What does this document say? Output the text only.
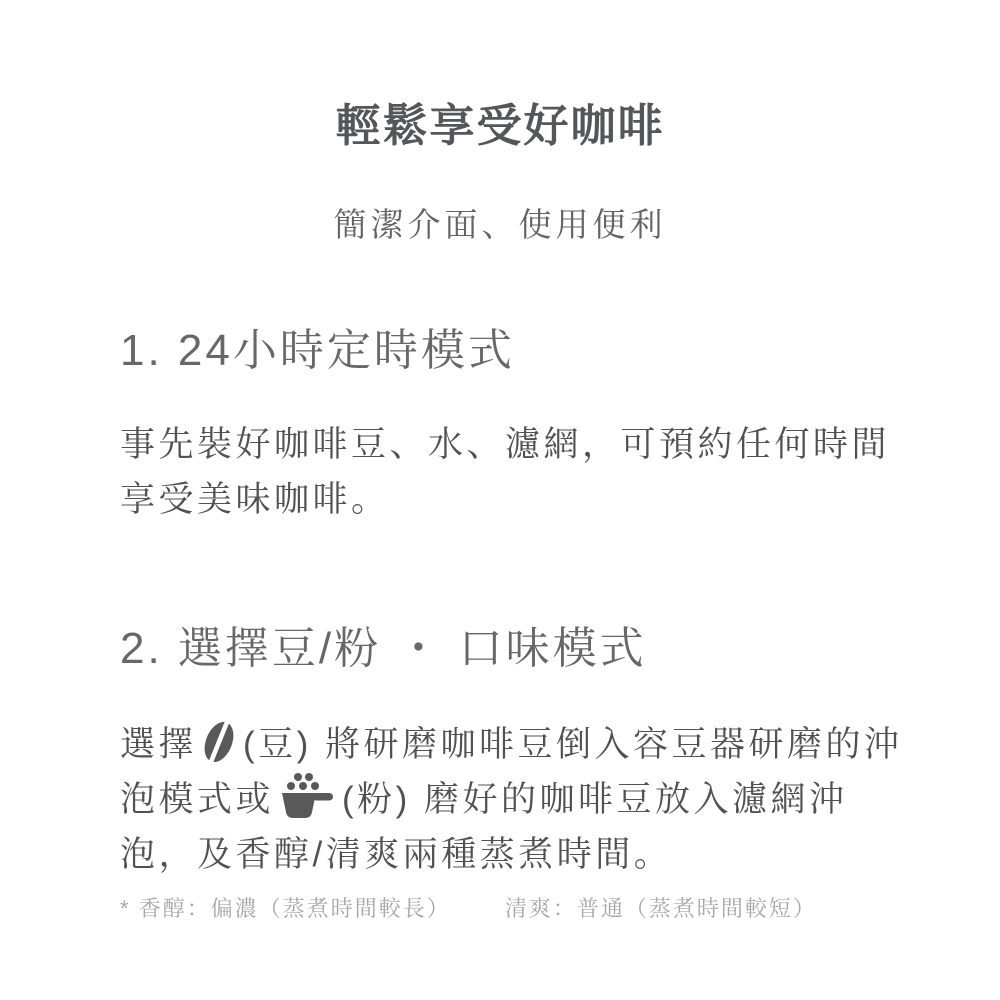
輕鬆享受好咖啡

簡潔介面、使用便利

1. 24小時定時模式

事先裝好咖啡豆、水、濾網，可預約任何時間享受美味咖啡。

2. 選擇豆/粉 ・ 口味模式

選擇 (豆) 將研磨咖啡豆倒入容豆器研磨的沖泡模式或 (粉) 磨好的咖啡豆放入濾網沖泡，及香醇/清爽兩種蒸煮時間。

* 香醇：偏濃（蒸煮時間較長） 清爽：普通（蒸煮時間較短）
